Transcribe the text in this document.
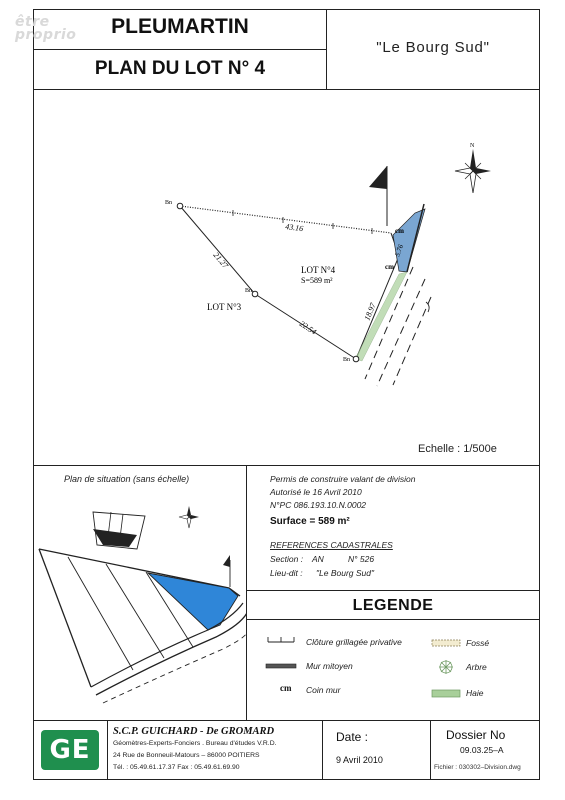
être
proprio	PLEUMARTIN
PLAN DU LOT N° 4
"Le Bourg Sud"
N
Bn
Bn
Bn
43.16
21.27
22.54
18.97
5.76
cm
cm
LOT N°4
S=589 m²
LOT N°3
Echelle : 1/500e
Plan de situation (sans échelle)	Permis de construire valant de division
Autorisé le 16 Avril 2010
N°PC 086.193.10.N.0002
Surface = 589 m²
REFERENCES CADASTRALES
Section : AN	N° 526
Lieu-dit : "Le Bourg Sud"
LEGENDE
Clôture grillagée privative
Mur mitoyen
cm Coin mur
Fossé
Arbre
Haie
GE
S.C.P. GUICHARD - De GROMARD
Géomètres-Experts-Fonciers . Bureau d'études V.R.D.
24 Rue de Bonneuil-Matours – 86000 POITIERS
Tél. : 05.49.61.17.37 Fax : 05.49.61.69.90
Date :
9 Avril 2010
Dossier No
09.03.25–A
Fichier : 030302–Division.dwg
